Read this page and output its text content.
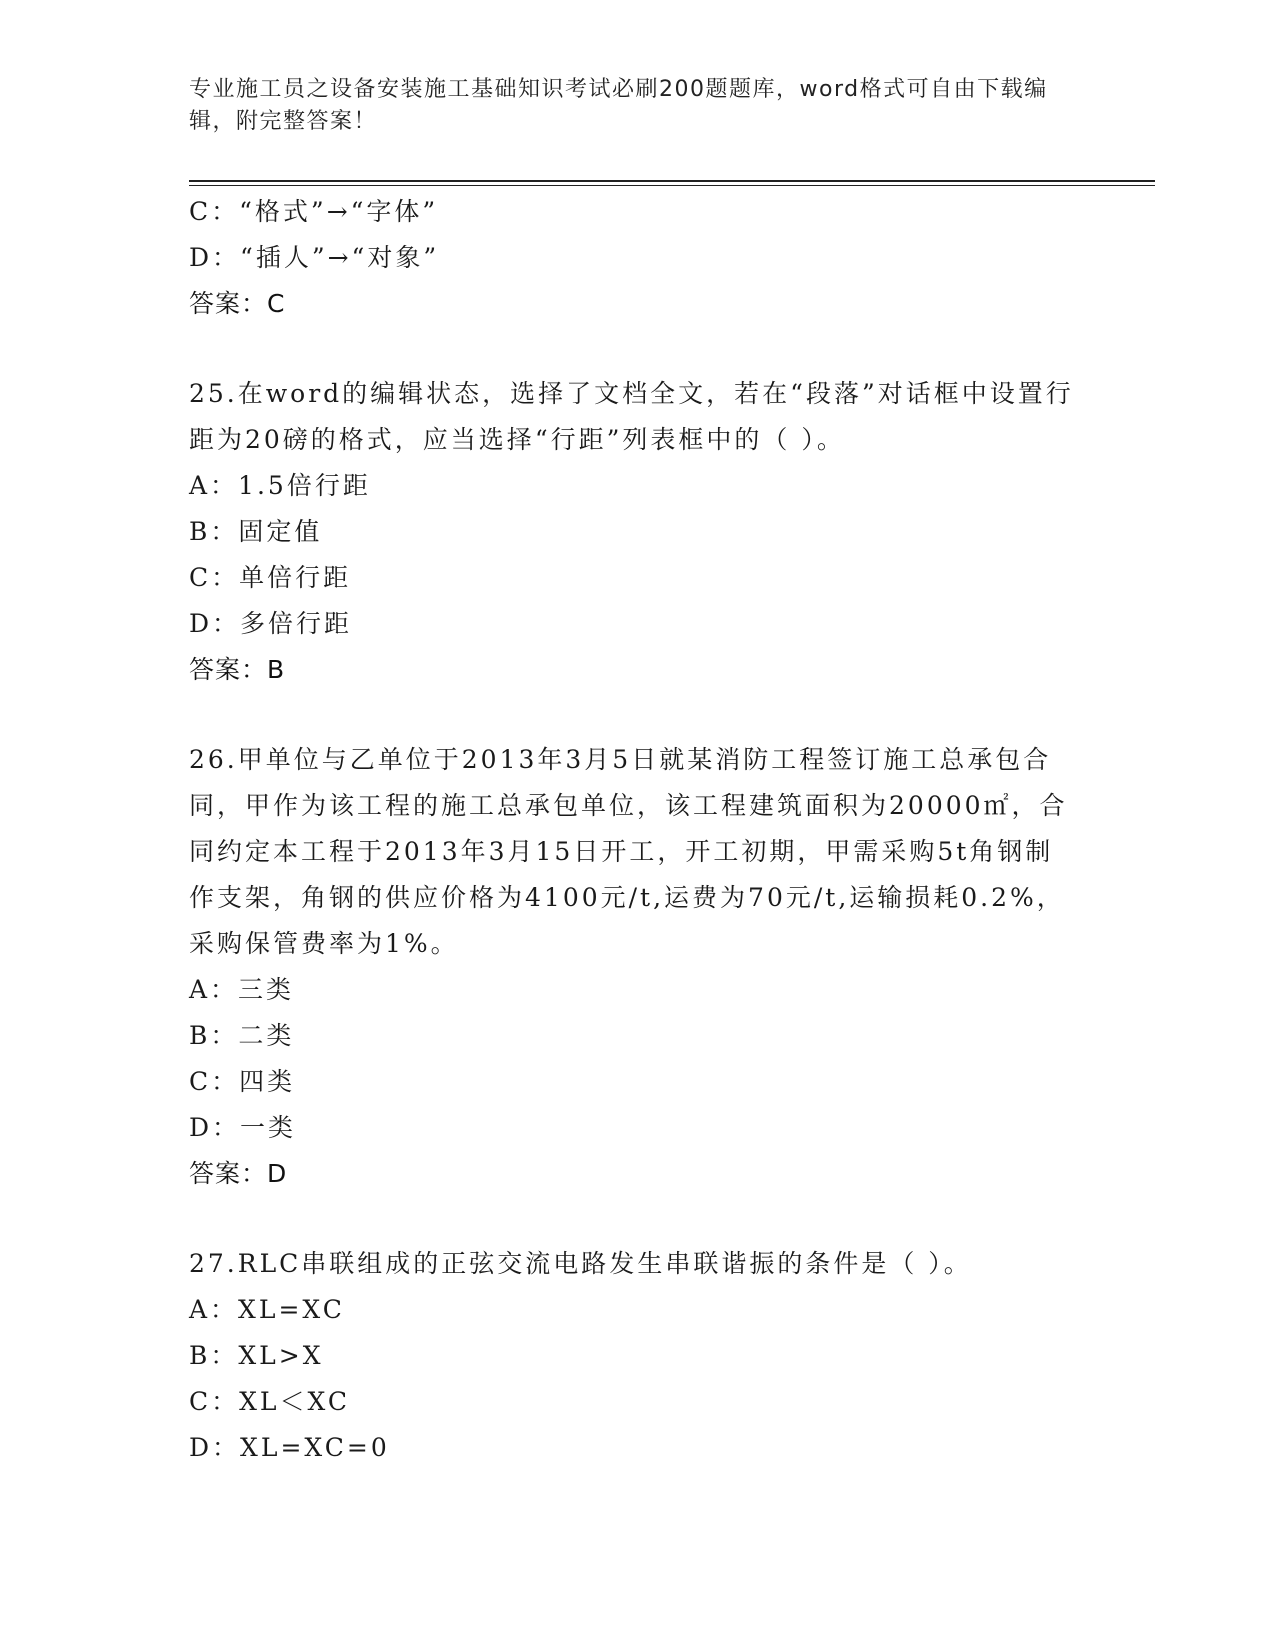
专业施工员之设备安装施工基础知识考试必刷200题题库，word格式可自由下载编辑，附完整答案！
C：“格式”→“字体”
D：“插人”→“对象”
答案：C
25.在word的编辑状态，选择了文档全文，若在“段落”对话框中设置行距为20磅的格式，应当选择“行距”列表框中的（ ）。
A：1.5倍行距
B：固定值
C：单倍行距
D：多倍行距
答案：B
26.甲单位与乙单位于2013年3月5日就某消防工程签订施工总承包合同，甲作为该工程的施工总承包单位，该工程建筑面积为20000㎡，合同约定本工程于2013年3月15日开工，开工初期，甲需采购5t角钢制作支架，角钢的供应价格为4100元/t,运费为70元/t,运输损耗0.2%，采购保管费率为1%。
A：三类
B：二类
C：四类
D：一类
答案：D
27.RLC串联组成的正弦交流电路发生串联谐振的条件是（ ）。
A：XL=XC
B：XL>X
C：XL＜XC
D：XL=XC=0
